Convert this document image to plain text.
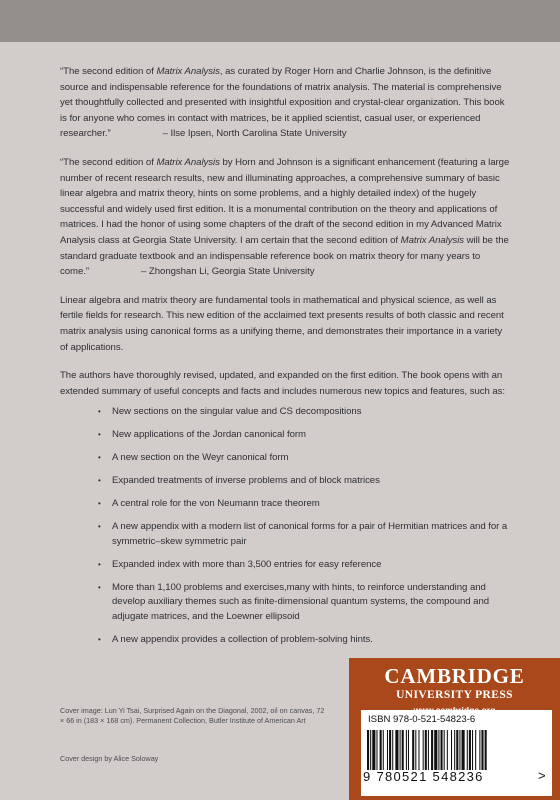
“The second edition of Matrix Analysis, as curated by Roger Horn and Charlie Johnson, is the definitive source and indispensable reference for the foundations of matrix analysis. The material is comprehensive yet thoughtfully collected and presented with insightful exposition and crystal-clear organization. This book is for anyone who comes in contact with matrices, be it applied scientist, casual user, or experienced researcher.”	– Ilse Ipsen, North Carolina State University

“The second edition of Matrix Analysis by Horn and Johnson is a significant enhancement (featuring a large number of recent research results, new and illuminating approaches, a comprehensive summary of basic linear algebra and matrix theory, hints on some problems, and a highly detailed index) of the hugely successful and widely used first edition. It is a monumental contribution on the theory and applications of matrices. I had the honor of using some chapters of the draft of the second edition in my Advanced Matrix Analysis class at Georgia State University. I am certain that the second edition of Matrix Analysis will be the standard graduate textbook and an indispensable reference book on matrix theory for many years to come.”	– Zhongshan Li, Georgia State University

Linear algebra and matrix theory are fundamental tools in mathematical and physical science, as well as fertile fields for research. This new edition of the acclaimed text presents results of both classic and recent matrix analysis using canonical forms as a unifying theme, and demonstrates their importance in a variety of applications.

The authors have thoroughly revised, updated, and expanded on the first edition. The book opens with an extended summary of useful concepts and facts and includes numerous new topics and features, such as:

• New sections on the singular value and CS decompositions
• New applications of the Jordan canonical form
• A new section on the Weyr canonical form
• Expanded treatments of inverse problems and of block matrices
• A central role for the von Neumann trace theorem
• A new appendix with a modern list of canonical forms for a pair of Hermitian matrices and for a symmetric–skew symmetric pair
• Expanded index with more than 3,500 entries for easy reference
• More than 1,100 problems and exercises,many with hints, to reinforce understanding and develop auxiliary themes such as finite-dimensional quantum systems, the compound and adjugate matrices, and the Loewner ellipsoid
• A new appendix provides a collection of problem-solving hints.
Cover image: Lun Yi Tsai, Surprised Again on the Diagonal, 2002, oil on canvas, 72 × 66 in (183 × 168 cm). Permanent Collection, Butler Institute of American Art
Cover design by Alice Soloway
CAMBRIDGE
UNIVERSITY PRESS
ISBN 978-0-521-54823-6
9 780521 548236	>
